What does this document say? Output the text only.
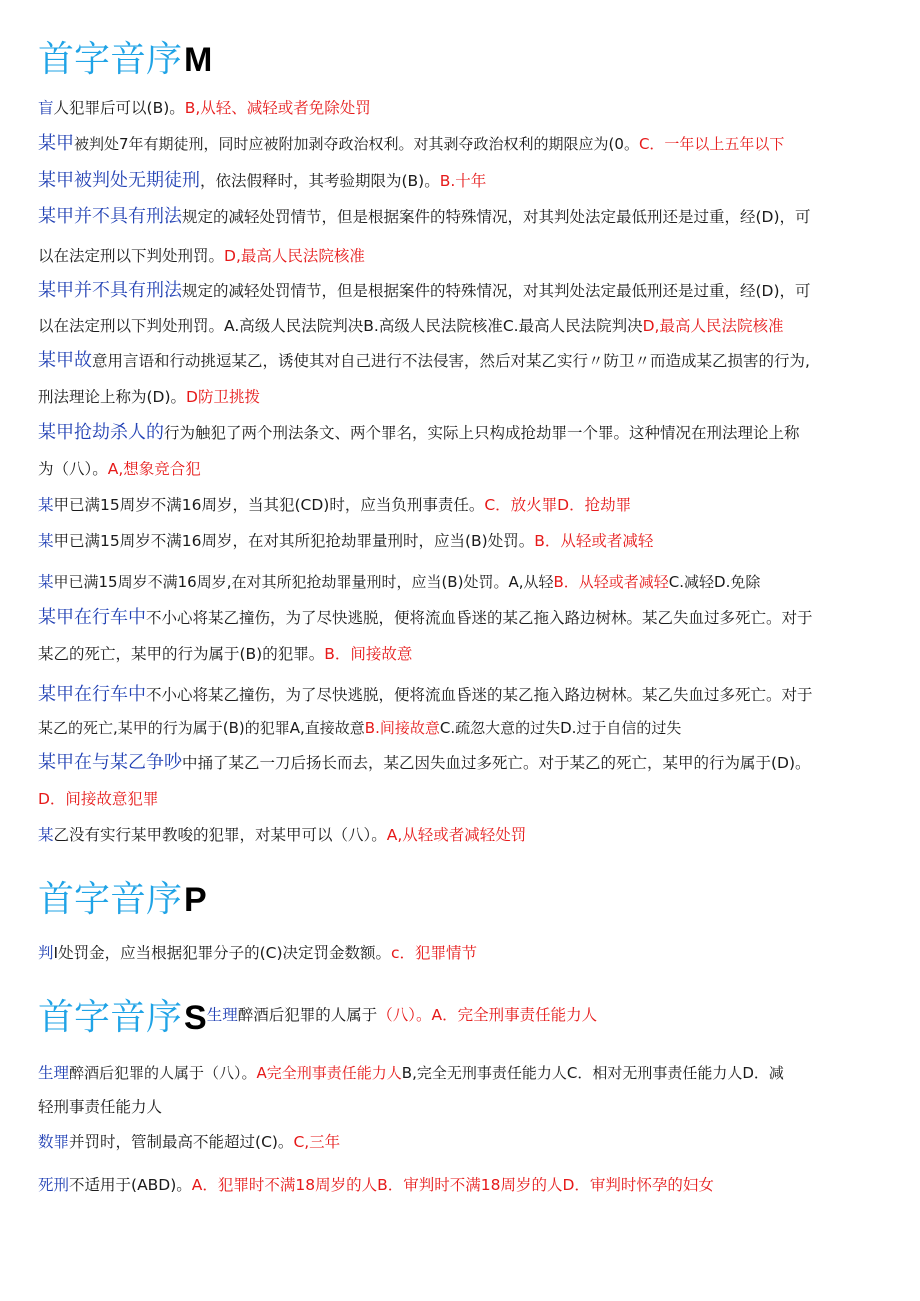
首字音序M
盲人犯罪后可以(B)。B,从轻、减轻或者免除处罚
某甲被判处7年有期徒刑，同时应被附加剥夺政治权利。对其剥夺政治权利的期限应为(0。C．一年以上五年以下
某甲被判处无期徒刑，依法假释时，其考验期限为(B)。B.十年
某甲并不具有刑法规定的减轻处罚情节，但是根据案件的特殊情况，对其判处法定最低刑还是过重，经(D)，可
以在法定刑以下判处刑罚。D,最高人民法院核准
某甲并不具有刑法规定的减轻处罚情节，但是根据案件的特殊情况，对其判处法定最低刑还是过重，经(D)，可
以在法定刑以下判处刑罚。A.高级人民法院判决B.高级人民法院核准C.最高人民法院判决D,最高人民法院核准
某甲故意用言语和行动挑逗某乙，诱使其对自己进行不法侵害，然后对某乙实行〃防卫〃而造成某乙损害的行为,
刑法理论上称为(D)。D防卫挑拨
某甲抢劫杀人的行为触犯了两个刑法条文、两个罪名，实际上只构成抢劫罪一个罪。这种情况在刑法理论上称
为（八）。A,想象竞合犯
某甲已满15周岁不满16周岁，当其犯(CD)时，应当负刑事责任。C．放火罪D．抢劫罪
某甲已满15周岁不满16周岁，在对其所犯抢劫罪量刑时，应当(B)处罚。B．从轻或者减轻
某甲已满15周岁不满16周岁,在对其所犯抢劫罪量刑时，应当(B)处罚。A,从轻B．从轻或者减轻C.减轻D.免除
某甲在行车中不小心将某乙撞伤，为了尽快逃脱，便将流血昏迷的某乙拖入路边树林。某乙失血过多死亡。对于
某乙的死亡，某甲的行为属于(B)的犯罪。B．间接故意
某甲在行车中不小心将某乙撞伤，为了尽快逃脱，便将流血昏迷的某乙拖入路边树林。某乙失血过多死亡。对于
某乙的死亡,某甲的行为属于(B)的犯罪A,直接故意B.间接故意C.疏忽大意的过失D.过于自信的过失
某甲在与某乙争吵中捅了某乙一刀后扬长而去，某乙因失血过多死亡。对于某乙的死亡，某甲的行为属于(D)。
D．间接故意犯罪
某乙没有实行某甲教唆的犯罪，对某甲可以（八）。A,从轻或者减轻处罚
首字音序P
判I处罚金，应当根据犯罪分子的(C)决定罚金数额。c．犯罪情节
首字音序S生理醉酒后犯罪的人属于（八）。A．完全刑事责任能力人
生理醉酒后犯罪的人属于（八）。A完全刑事责任能力人B,完全无刑事责任能力人C．相对无刑事责任能力人D．减
轻刑事责任能力人
数罪并罚时，管制最高不能超过(C)。C,三年
死刑不适用于(ABD)。A．犯罪时不满18周岁的人B．审判时不满18周岁的人D．审判时怀孕的妇女
